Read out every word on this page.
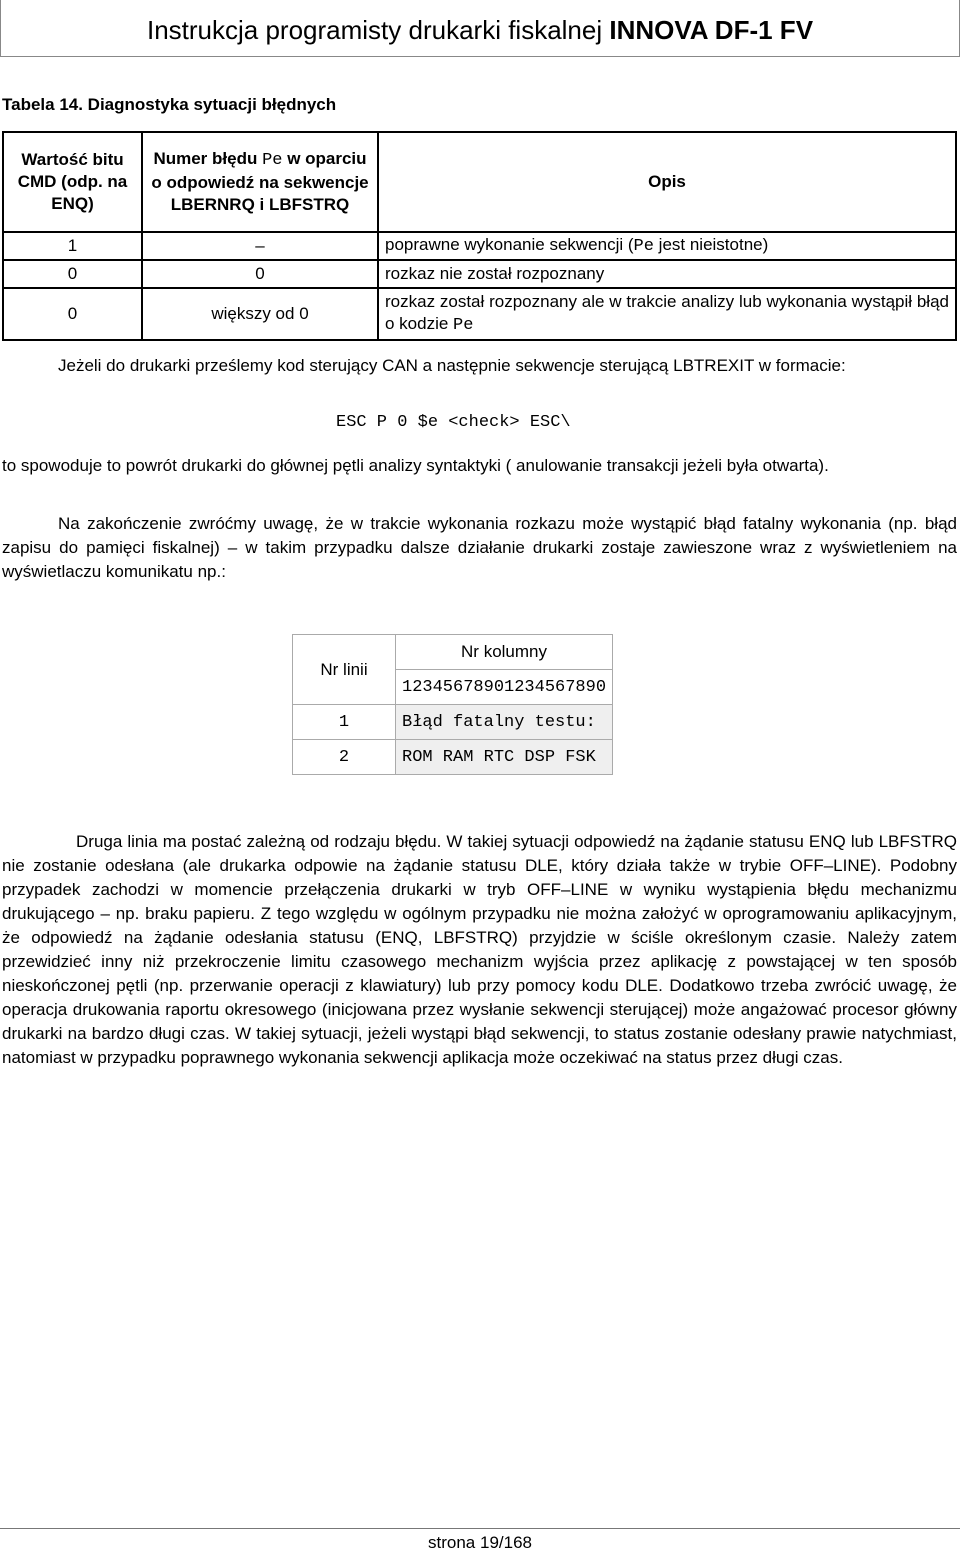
Instrukcja programisty drukarki fiskalnej INNOVA DF-1 FV
Tabela 14. Diagnostyka sytuacji błędnych
Wartość bitu CMD (odp. na ENQ)	Numer błędu Pe w oparciu o odpowiedź na sekwencje LBERNRQ i LBFSTRQ	Opis
1	–	poprawne wykonanie sekwencji (Pe jest nieistotne)
0	0	rozkaz nie został rozpoznany
0	większy od 0	rozkaz został rozpoznany ale w trakcie analizy lub wykonania wystąpił błąd o kodzie Pe
Jeżeli do drukarki prześlemy kod sterujący CAN a następnie sekwencje sterującą LBTREXIT w formacie:
ESC P 0 $e <check> ESC\
to spowoduje to powrót drukarki do głównej pętli analizy syntaktyki ( anulowanie transakcji jeżeli była otwarta).
Na zakończenie zwróćmy uwagę, że w trakcie wykonania rozkazu może wystąpić błąd fatalny wykonania (np. błąd zapisu do pamięci fiskalnej) – w takim przypadku dalsze działanie drukarki zostaje zawieszone wraz z wyświetleniem na wyświetlaczu komunikatu np.:
Nr linii	Nr kolumny
	12345678901234567890
1	Błąd fatalny testu:
2	ROM RAM RTC DSP FSK
Druga linia ma postać zależną od rodzaju błędu. W takiej sytuacji odpowiedź na żądanie statusu ENQ lub LBFSTRQ nie zostanie odesłana (ale drukarka odpowie na żądanie statusu DLE, który działa także w trybie OFF–LINE). Podobny przypadek zachodzi w momencie przełączenia drukarki w tryb OFF–LINE w wyniku wystąpienia błędu mechanizmu drukującego – np. braku papieru. Z tego względu w ogólnym przypadku nie można założyć w oprogramowaniu aplikacyjnym, że odpowiedź na żądanie odesłania statusu (ENQ, LBFSTRQ) przyjdzie w ściśle określonym czasie. Należy zatem przewidzieć inny niż przekroczenie limitu czasowego mechanizm wyjścia przez aplikację z powstającej w ten sposób nieskończonej pętli (np. przerwanie operacji z klawiatury) lub przy pomocy kodu DLE. Dodatkowo trzeba zwrócić uwagę, że operacja drukowania raportu okresowego (inicjowana przez wysłanie sekwencji sterującej) może angażować procesor główny drukarki na bardzo długi czas. W takiej sytuacji, jeżeli wystąpi błąd sekwencji, to status zostanie odesłany prawie natychmiast, natomiast w przypadku poprawnego wykonania sekwencji aplikacja może oczekiwać na status przez długi czas.
strona 19/168
